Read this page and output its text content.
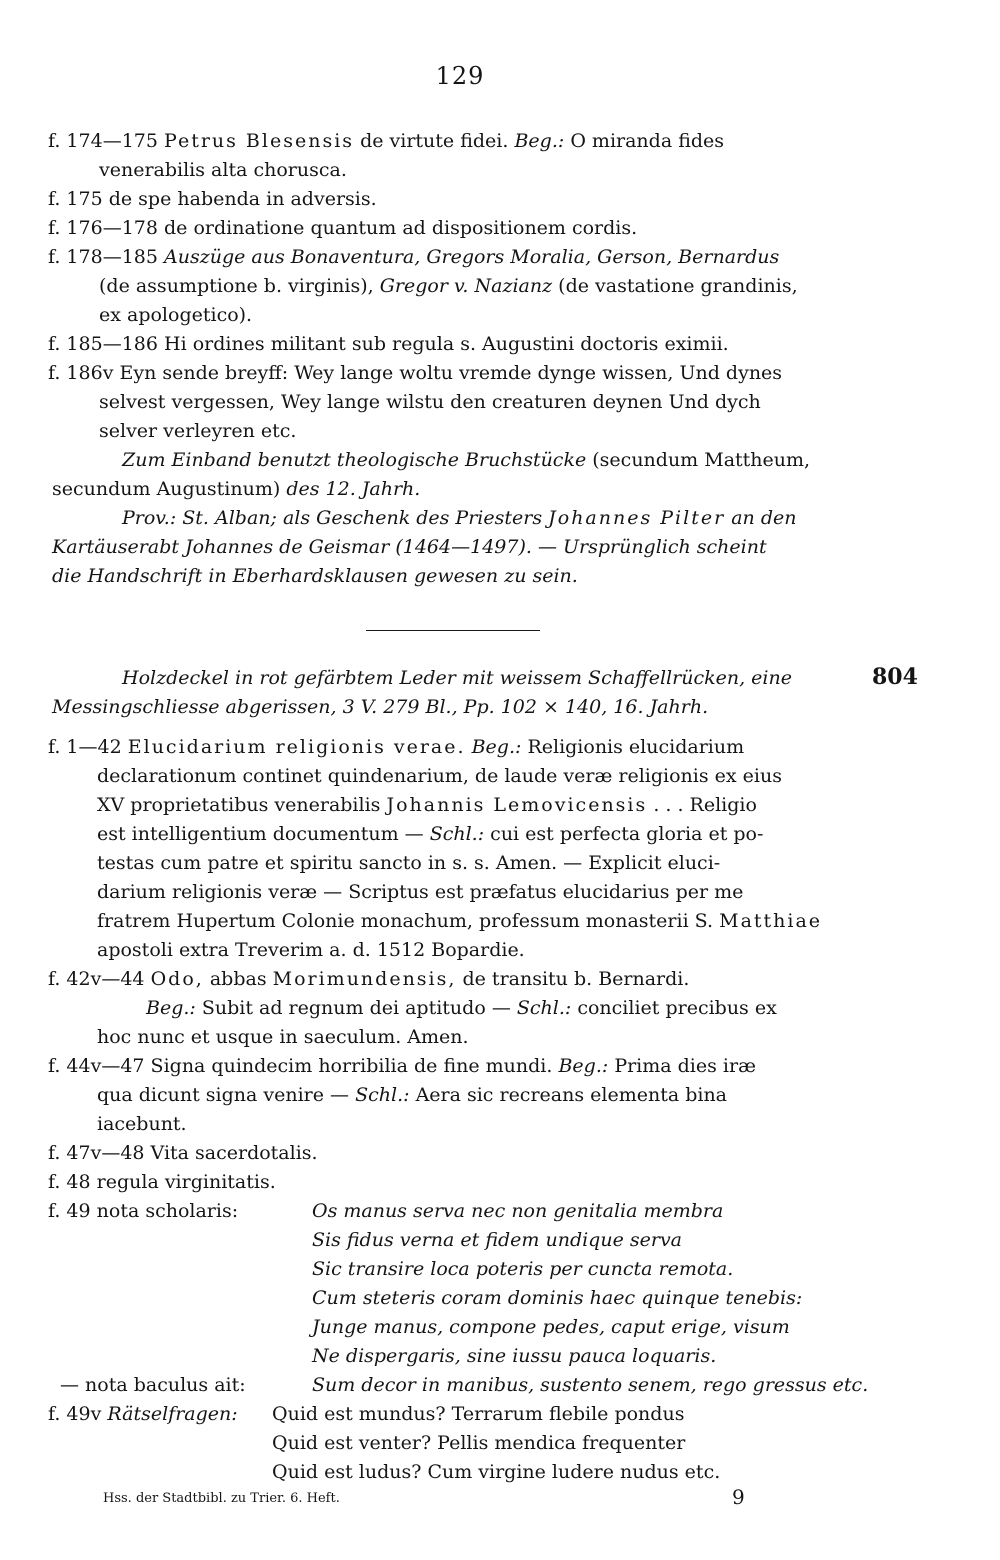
129
f. 174—175 Petrus Blesensis de virtute fidei. Beg.: O miranda fides
venerabilis alta chorusca.
f. 175 de spe habenda in adversis.
f. 176—178 de ordinatione quantum ad dispositionem cordis.
f. 178—185 Auszüge aus Bonaventura, Gregors Moralia, Gerson, Bernardus
(de assumptione b. virginis), Gregor v. Nazianz (de vastatione grandinis,
ex apologetico).
f. 185—186 Hi ordines militant sub regula s. Augustini doctoris eximii.
f. 186v Eyn sende breyff: Wey lange woltu vremde dynge wissen, Und dynes
selvest vergessen, Wey lange wilstu den creaturen deynen Und dych
selver verleyren etc.
Zum Einband benutzt theologische Bruchstücke (secundum Mattheum,
secundum Augustinum) des 12. Jahrh.
Prov.: St. Alban; als Geschenk des Priesters Johannes Pilter an den
Kartäuserabt Johannes de Geismar (1464—1497). — Ursprünglich scheint
die Handschrift in Eberhardsklausen gewesen zu sein.
Holzdeckel in rot gefärbtem Leder mit weissem Schaffellrücken, eine	804
Messingschliesse abgerissen, 3 V. 279 Bl., Pp. 102 × 140, 16. Jahrh.
f. 1—42 Elucidarium religionis verae. Beg.: Religionis elucidarium
declarationum continet quindenarium, de laude veræ religionis ex eius
XV proprietatibus venerabilis Johannis Lemovicensis . . . Religio
est intelligentium documentum — Schl.: cui est perfecta gloria et po-
testas cum patre et spiritu sancto in s. s. Amen. — Explicit eluci-
darium religionis veræ — Scriptus est præfatus elucidarius per me
fratrem Hupertum Colonie monachum, professum monasterii S. Matthiae
apostoli extra Treverim a. d. 1512 Bopardie.
f. 42v—44 Odo, abbas Morimundensis, de transitu b. Bernardi.
Beg.: Subit ad regnum dei aptitudo — Schl.: conciliet precibus ex
hoc nunc et usque in saeculum. Amen.
f. 44v—47 Signa quindecim horribilia de fine mundi. Beg.: Prima dies iræ
qua dicunt signa venire — Schl.: Aera sic recreans elementa bina
iacebunt.
f. 47v—48 Vita sacerdotalis.
f. 48 regula virginitatis.
f. 49 nota scholaris:	Os manus serva nec non genitalia membra
Sis fidus verna et fidem undique serva
Sic transire loca poteris per cuncta remota.
Cum steteris coram dominis haec quinque tenebis:
Junge manus, compone pedes, caput erige, visum
Ne dispergaris, sine iussu pauca loquaris.
— nota baculus ait:	Sum decor in manibus, sustento senem, rego gressus etc.
f. 49v Rätselfragen: Quid est mundus? Terrarum flebile pondus
Quid est venter? Pellis mendica frequenter
Quid est ludus? Cum virgine ludere nudus etc.
Hss. der Stadtbibl. zu Trier. 6. Heft.	9
